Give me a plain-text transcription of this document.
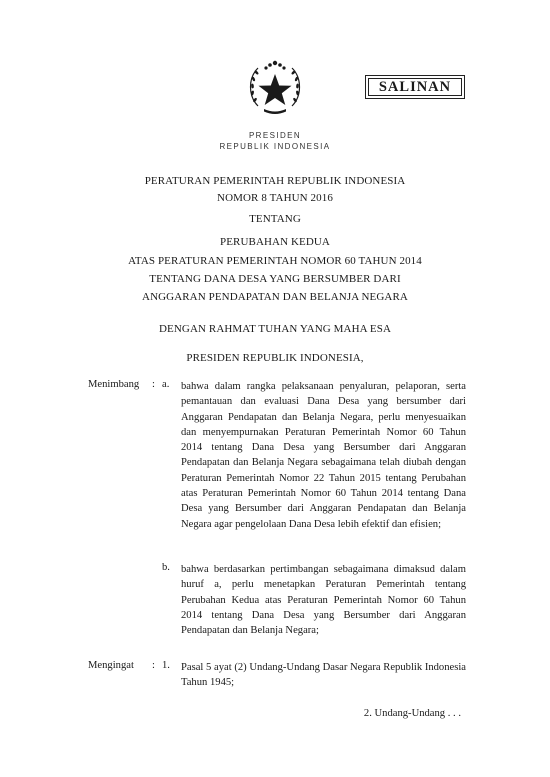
SALINAN
PRESIDEN
REPUBLIK INDONESIA
PERATURAN PEMERINTAH REPUBLIK INDONESIA
NOMOR 8 TAHUN 2016
TENTANG
PERUBAHAN KEDUA
ATAS PERATURAN PEMERINTAH NOMOR 60 TAHUN 2014
TENTANG DANA DESA YANG BERSUMBER DARI
ANGGARAN PENDAPATAN DAN BELANJA NEGARA
DENGAN RAHMAT TUHAN YANG MAHA ESA
PRESIDEN REPUBLIK INDONESIA,
Menimbang : a. bahwa dalam rangka pelaksanaan penyaluran, pelaporan, serta pemantauan dan evaluasi Dana Desa yang bersumber dari Anggaran Pendapatan dan Belanja Negara, perlu menyesuaikan dan menyempurnakan Peraturan Pemerintah Nomor 60 Tahun 2014 tentang Dana Desa yang Bersumber dari Anggaran Pendapatan dan Belanja Negara sebagaimana telah diubah dengan Peraturan Pemerintah Nomor 22 Tahun 2015 tentang Perubahan atas Peraturan Pemerintah Nomor 60 Tahun 2014 tentang Dana Desa yang Bersumber dari Anggaran Pendapatan dan Belanja Negara agar pengelolaan Dana Desa lebih efektif dan efisien;
b. bahwa berdasarkan pertimbangan sebagaimana dimaksud dalam huruf a, perlu menetapkan Peraturan Pemerintah tentang Perubahan Kedua atas Peraturan Pemerintah Nomor 60 Tahun 2014 tentang Dana Desa yang Bersumber dari Anggaran Pendapatan dan Belanja Negara;
Mengingat : 1. Pasal 5 ayat (2) Undang-Undang Dasar Negara Republik Indonesia Tahun 1945;
2. Undang-Undang . . .
